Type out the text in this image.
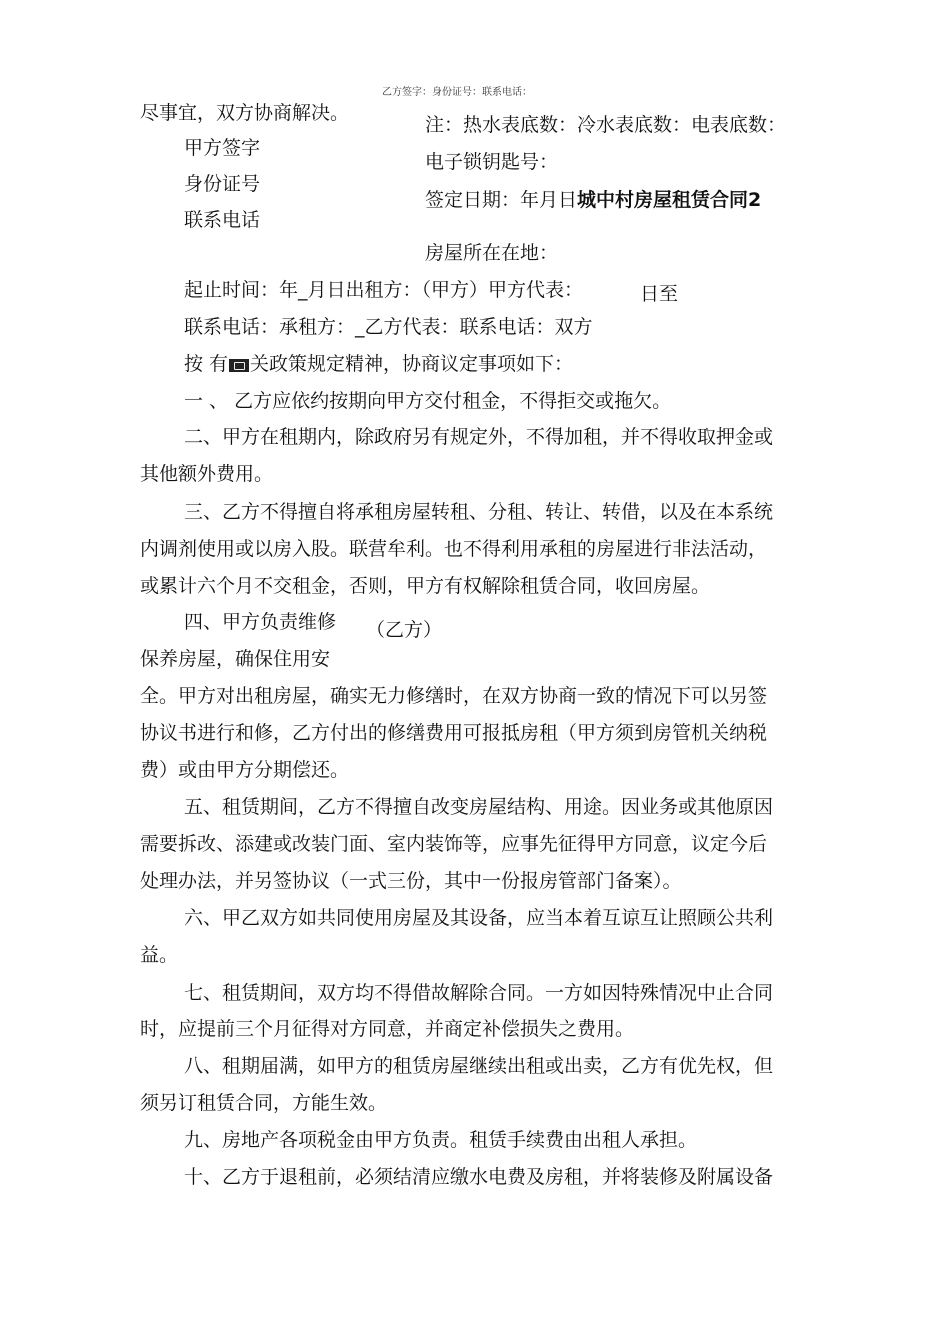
乙方签字：身份证号：联系电话：

尽事宜，双方协商解决。

甲方签字

身份证号

联系电话

注：热水表底数：冷水表底数：电表底数：

电子锁钥匙号：

签定日期：年月日城中村房屋租赁合同2

房屋所在在地：

起止时间：年_月日出租方：（甲方）甲方代表：	日至

联系电话：承租方：_乙方代表：联系电话：双方

按 有 关政策规定精神，协商议定事项如下：

一 、 乙方应依约按期向甲方交付租金，不得拒交或拖欠。

二、甲方在租期内，除政府另有规定外，不得加租，并不得收取押金或

其他额外费用。

三、乙方不得擅自将承租房屋转租、分租、转让、转借，以及在本系统

内调剂使用或以房入股。联营牟利。也不得利用承租的房屋进行非法活动，

或累计六个月不交租金，否则，甲方有权解除租赁合同，收回房屋。

四、甲方负责维修 （乙方）

保养房屋，确保住用安

全。甲方对出租房屋，确实无力修缮时，在双方协商一致的情况下可以另签

协议书进行和修，乙方付出的修缮费用可报抵房租（甲方须到房管机关纳税

费）或由甲方分期偿还。

五、租赁期间，乙方不得擅自改变房屋结构、用途。因业务或其他原因

需要拆改、添建或改装门面、室内装饰等，应事先征得甲方同意，议定今后

处理办法，并另签协议（一式三份，其中一份报房管部门备案）。

六、甲乙双方如共同使用房屋及其设备，应当本着互谅互让照顾公共利

益。

七、租赁期间，双方均不得借故解除合同。一方如因特殊情况中止合同

时，应提前三个月征得对方同意，并商定补偿损失之费用。

八、租期届满，如甲方的租赁房屋继续出租或出卖，乙方有优先权，但

须另订租赁合同，方能生效。

九、房地产各项税金由甲方负责。租赁手续费由出租人承担。

十、乙方于退租前，必须结清应缴水电费及房租，并将装修及附属设备
